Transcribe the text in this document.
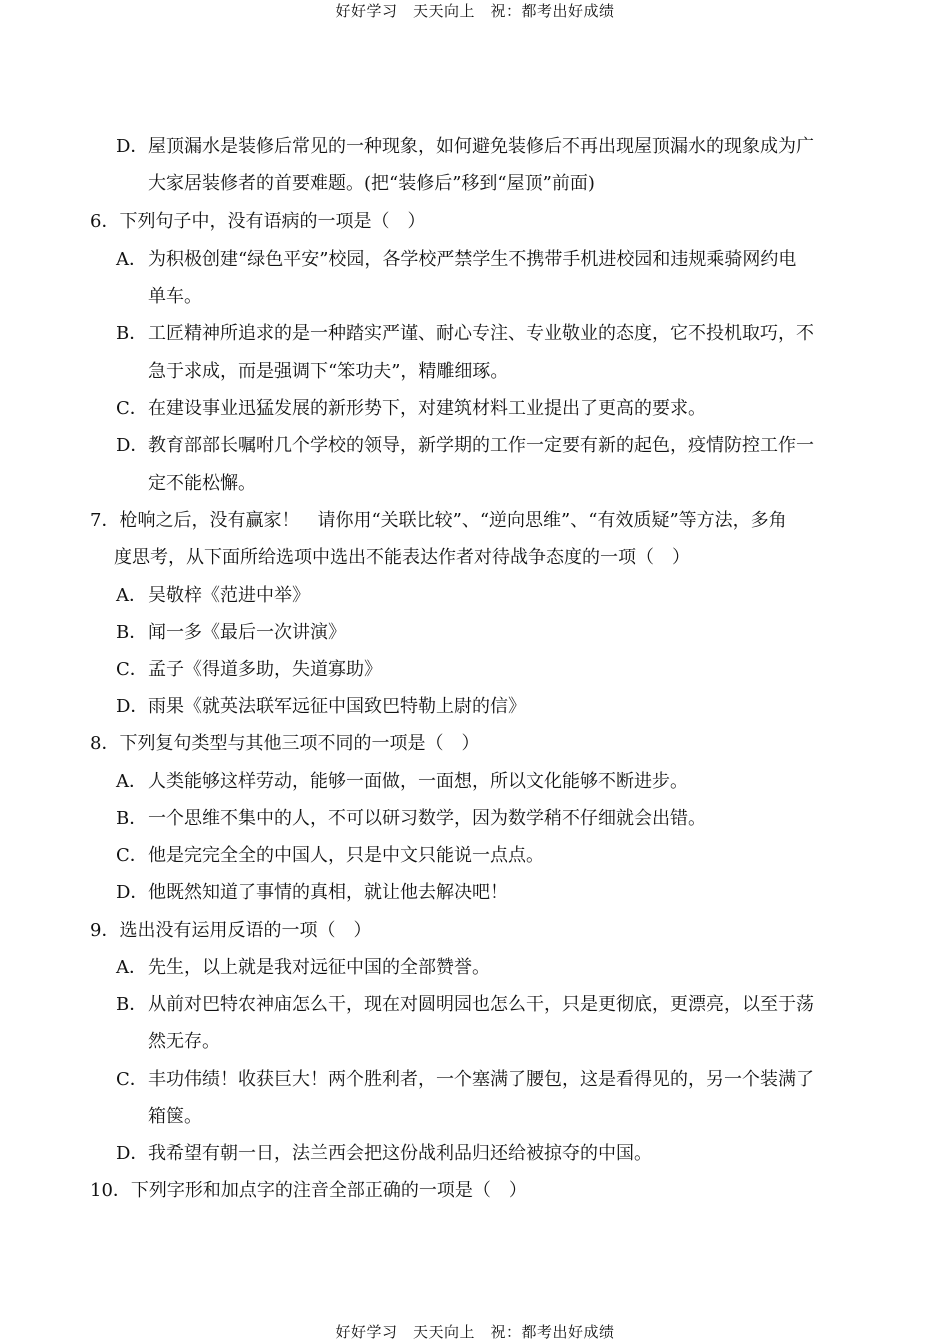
好好学习　天天向上　祝：都考出好成绩
D．屋顶漏水是装修后常见的一种现象，如何避免装修后不再出现屋顶漏水的现象成为广
大家居装修者的首要难题。(把“装修后”移到“屋顶”前面)
6．下列句子中，没有语病的一项是（　）
A．为积极创建“绿色平安”校园，各学校严禁学生不携带手机进校园和违规乘骑网约电
单车。
B．工匠精神所追求的是一种踏实严谨、耐心专注、专业敬业的态度，它不投机取巧，不
急于求成，而是强调下“笨功夫”，精雕细琢。
C．在建设事业迅猛发展的新形势下，对建筑材料工业提出了更高的要求。
D．教育部部长嘱咐几个学校的领导，新学期的工作一定要有新的起色，疫情防控工作一
定不能松懈。
7．枪响之后，没有赢家！　请你用“关联比较”、“逆向思维”、“有效质疑”等方法，多角
度思考，从下面所给选项中选出不能表达作者对待战争态度的一项（　）
A．吴敬梓《范进中举》
B．闻一多《最后一次讲演》
C．孟子《得道多助，失道寡助》
D．雨果《就英法联军远征中国致巴特勒上尉的信》
8．下列复句类型与其他三项不同的一项是（　）
A．人类能够这样劳动，能够一面做，一面想，所以文化能够不断进步。
B．一个思维不集中的人，不可以研习数学，因为数学稍不仔细就会出错。
C．他是完完全全的中国人，只是中文只能说一点点。
D．他既然知道了事情的真相，就让他去解决吧！
9．选出没有运用反语的一项（　）
A．先生，以上就是我对远征中国的全部赞誉。
B．从前对巴特农神庙怎么干，现在对圆明园也怎么干，只是更彻底，更漂亮，以至于荡
然无存。
C．丰功伟绩！收获巨大！两个胜利者，一个塞满了腰包，这是看得见的，另一个装满了
箱箧。
D．我希望有朝一日，法兰西会把这份战利品归还给被掠夺的中国。
10．下列字形和加点字的注音全部正确的一项是（　）
好好学习　天天向上　祝：都考出好成绩
